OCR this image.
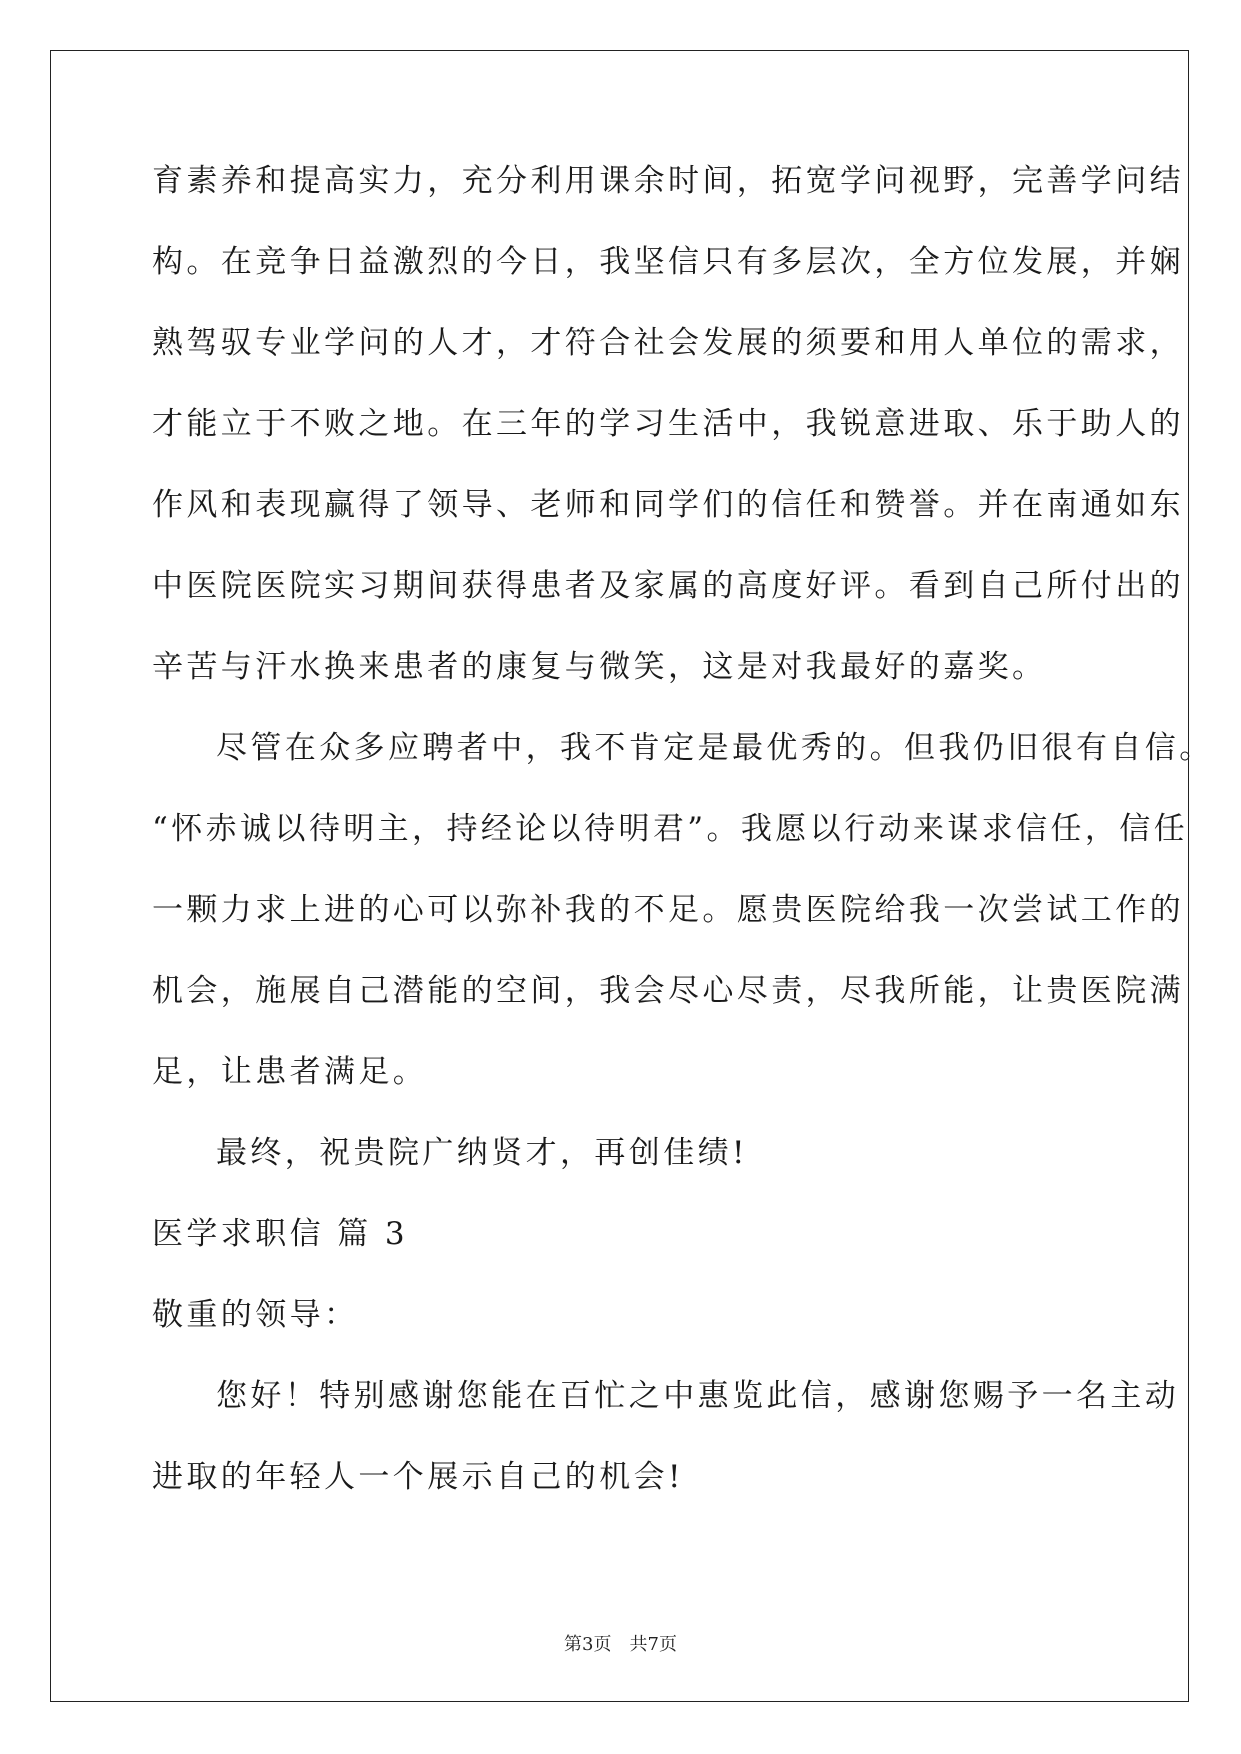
育素养和提高实力，充分利用课余时间，拓宽学问视野，完善学问结
构。在竞争日益激烈的今日，我坚信只有多层次，全方位发展，并娴
熟驾驭专业学问的人才，才符合社会发展的须要和用人单位的需求，
才能立于不败之地。在三年的学习生活中，我锐意进取、乐于助人的
作风和表现赢得了领导、老师和同学们的信任和赞誉。并在南通如东
中医院医院实习期间获得患者及家属的高度好评。看到自己所付出的
辛苦与汗水换来患者的康复与微笑，这是对我最好的嘉奖。
尽管在众多应聘者中，我不肯定是最优秀的。但我仍旧很有自信。
“怀赤诚以待明主，持经论以待明君”。我愿以行动来谋求信任，信任
一颗力求上进的心可以弥补我的不足。愿贵医院给我一次尝试工作的
机会，施展自己潜能的空间，我会尽心尽责，尽我所能，让贵医院满
足，让患者满足。
最终，祝贵院广纳贤才，再创佳绩!
医学求职信 篇 3
敬重的领导：
您好！特别感谢您能在百忙之中惠览此信，感谢您赐予一名主动
进取的年轻人一个展示自己的机会!
第3页 共7页
